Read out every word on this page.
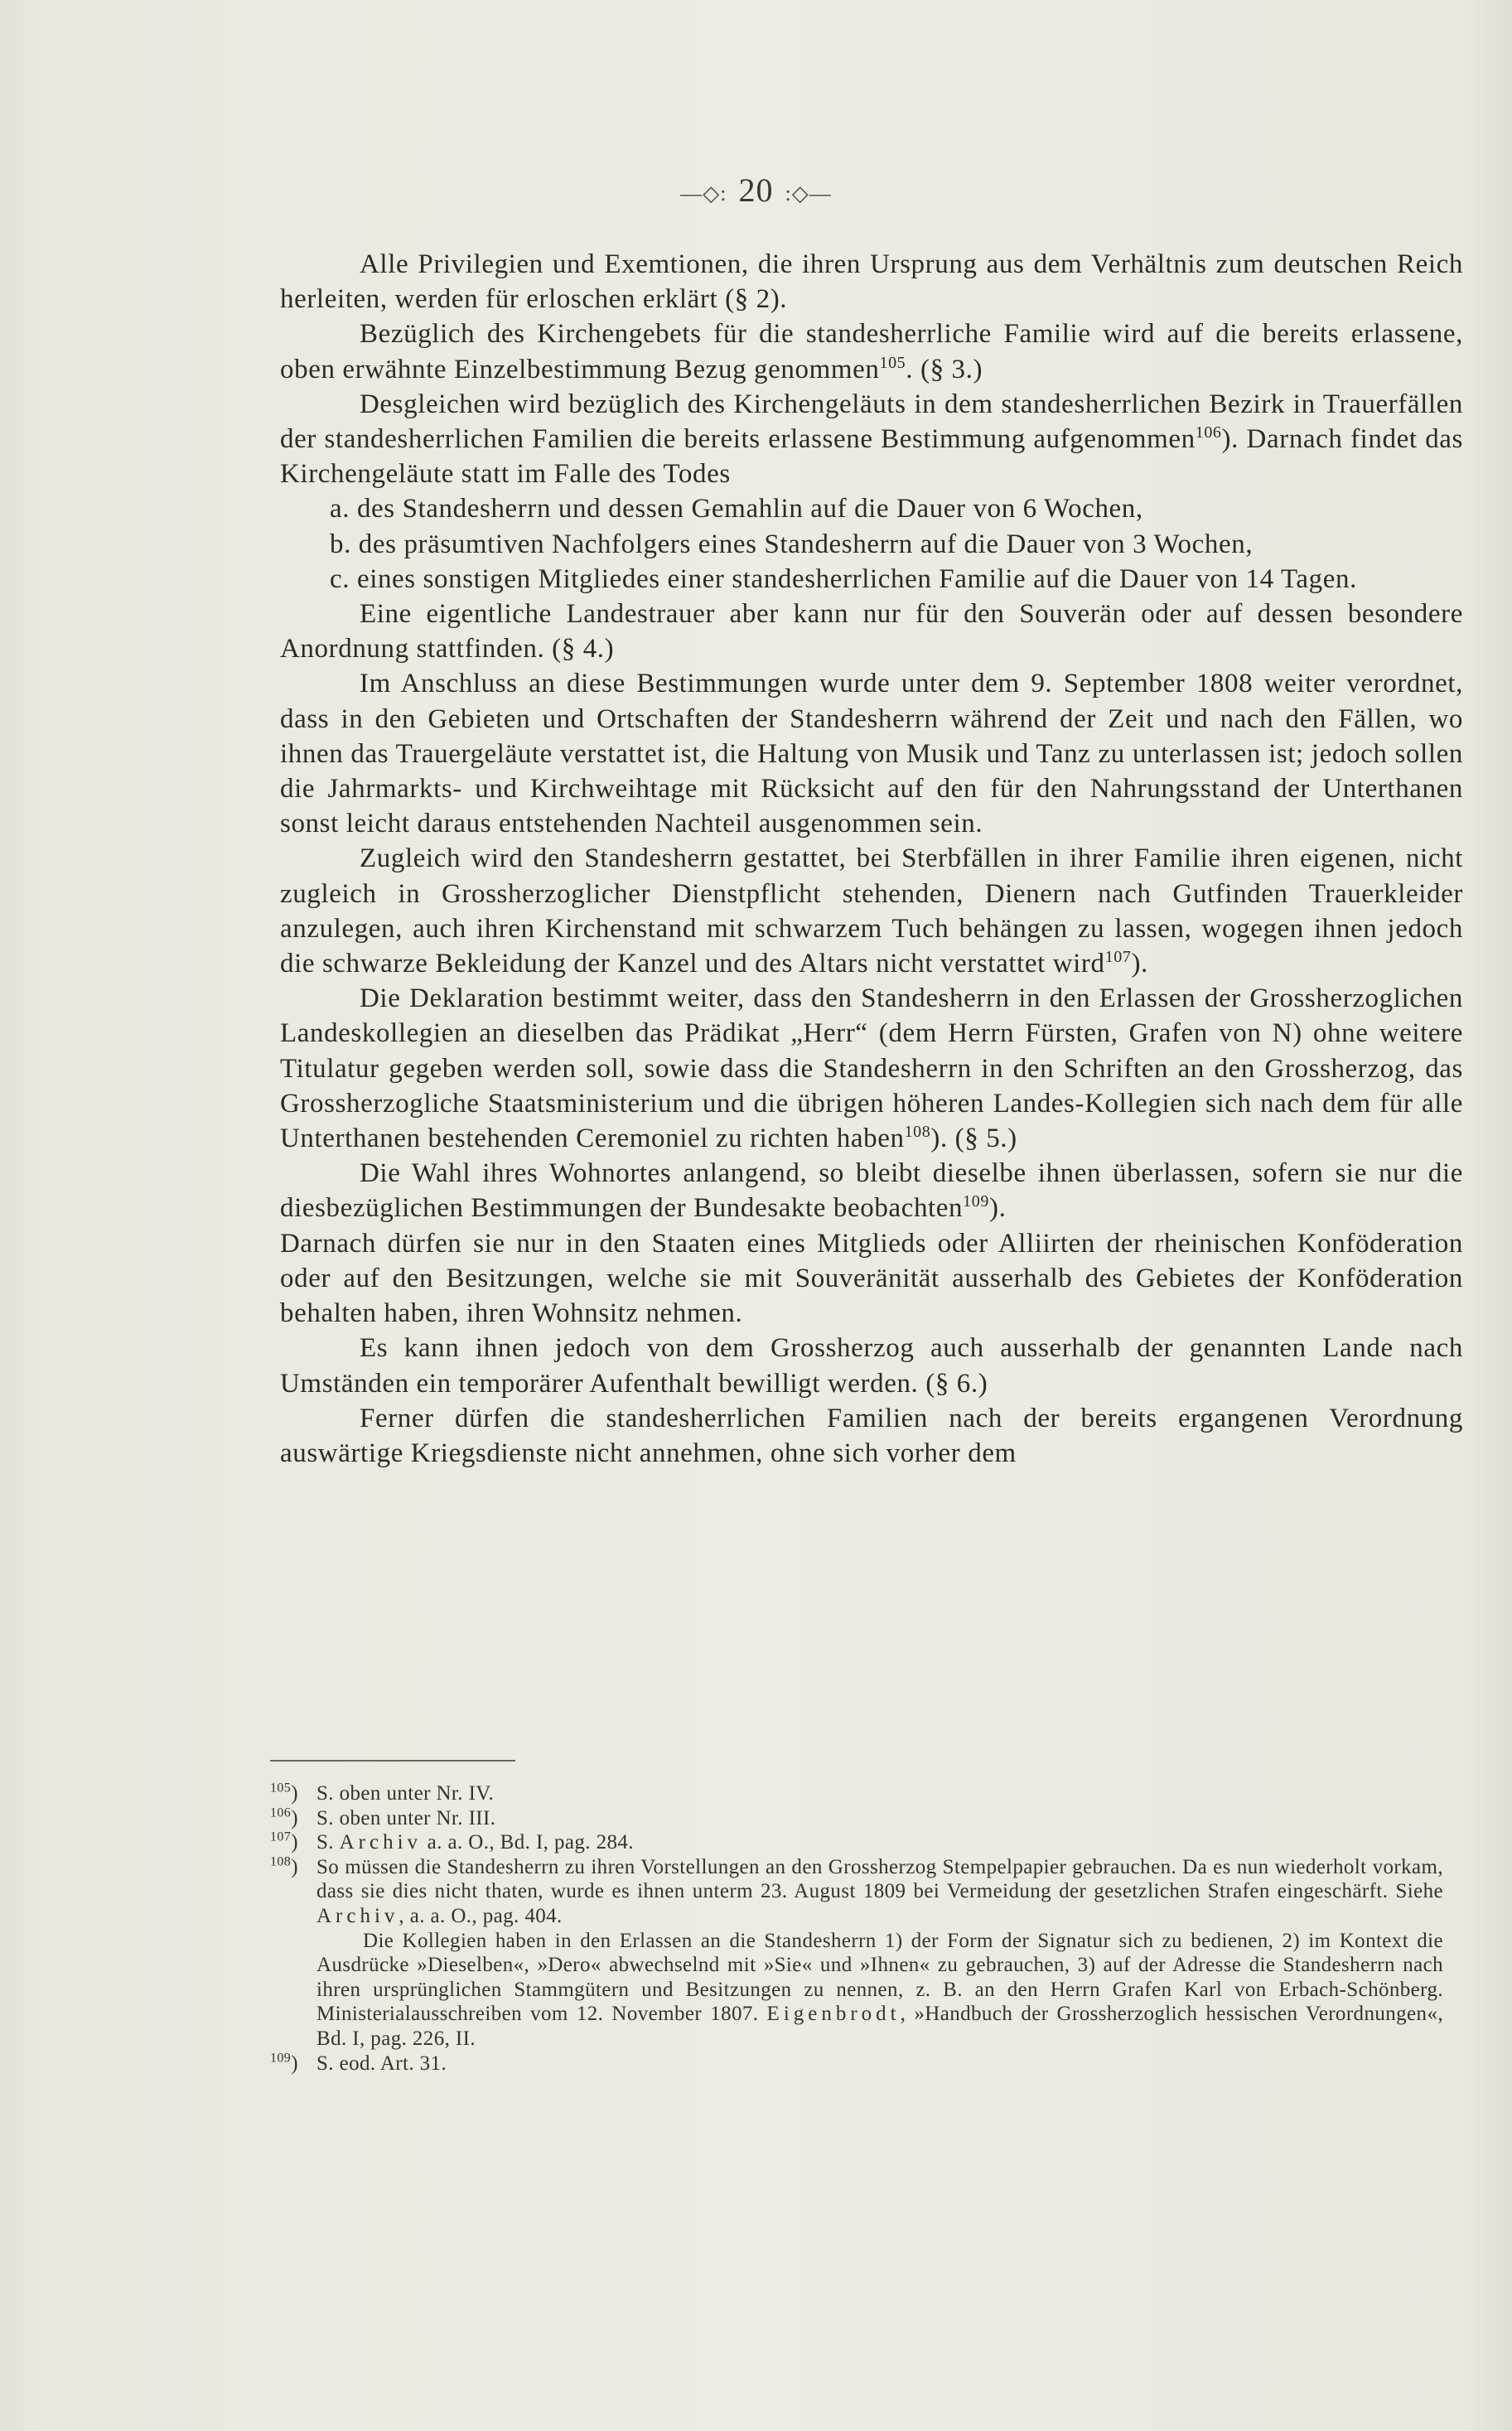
—◇: 20 :◇—

Alle Privilegien und Exemtionen, die ihren Ursprung aus dem Verhältnis zum deutschen Reich herleiten, werden für erloschen erklärt (§ 2).

Bezüglich des Kirchengebets für die standesherrliche Familie wird auf die bereits erlassene, oben erwähnte Einzelbestimmung Bezug genommen$^{105}$. (§ 3.)

Desgleichen wird bezüglich des Kirchengeläuts in dem standesherrlichen Bezirk in Trauerfällen der standesherrlichen Familien die bereits erlassene Bestimmung aufgenommen$^{106}$). Darnach findet das Kirchengeläute statt im Falle des Todes

a. des Standesherrn und dessen Gemahlin auf die Dauer von 6 Wochen,

b. des präsumtiven Nachfolgers eines Standesherrn auf die Dauer von 3 Wochen,

c. eines sonstigen Mitgliedes einer standesherrlichen Familie auf die Dauer von 14 Tagen.

Eine eigentliche Landestrauer aber kann nur für den Souverän oder auf dessen besondere Anordnung stattfinden. (§ 4.)

Im Anschluss an diese Bestimmungen wurde unter dem 9. September 1808 weiter verordnet, dass in den Gebieten und Ortschaften der Standesherrn während der Zeit und nach den Fällen, wo ihnen das Trauergeläute verstattet ist, die Haltung von Musik und Tanz zu unterlassen ist; jedoch sollen die Jahrmarkts- und Kirchweihtage mit Rücksicht auf den für den Nahrungsstand der Unterthanen sonst leicht daraus entstehenden Nachteil ausgenommen sein.

Zugleich wird den Standesherrn gestattet, bei Sterbfällen in ihrer Familie ihren eigenen, nicht zugleich in Grossherzoglicher Dienstpflicht stehenden, Dienern nach Gutfinden Trauerkleider anzulegen, auch ihren Kirchenstand mit schwarzem Tuch behängen zu lassen, wogegen ihnen jedoch die schwarze Bekleidung der Kanzel und des Altars nicht verstattet wird$^{107}$).

Die Deklaration bestimmt weiter, dass den Standesherrn in den Erlassen der Grossherzoglichen Landeskollegien an dieselben das Prädikat „Herr“ (dem Herrn Fürsten, Grafen von N) ohne weitere Titulatur gegeben werden soll, sowie dass die Standesherrn in den Schriften an den Grossherzog, das Grossherzogliche Staatsministerium und die übrigen höheren Landes-Kollegien sich nach dem für alle Unterthanen bestehenden Ceremoniel zu richten haben$^{108}$). (§ 5.)

Die Wahl ihres Wohnortes anlangend, so bleibt dieselbe ihnen überlassen, sofern sie nur die diesbezüglichen Bestimmungen der Bundesakte beobachten$^{109}$).

Darnach dürfen sie nur in den Staaten eines Mitglieds oder Alliirten der rheinischen Konföderation oder auf den Besitzungen, welche sie mit Souveränität ausserhalb des Gebietes der Konföderation behalten haben, ihren Wohnsitz nehmen.

Es kann ihnen jedoch von dem Grossherzog auch ausserhalb der genannten Lande nach Umständen ein temporärer Aufenthalt bewilligt werden. (§ 6.)

Ferner dürfen die standesherrlichen Familien nach der bereits ergangenen Verordnung auswärtige Kriegsdienste nicht annehmen, ohne sich vorher dem

$^{105}$) S. oben unter Nr. IV.

$^{106}$) S. oben unter Nr. III.

$^{107}$) S. Archiv a. a. O., Bd. I, pag. 284.

$^{108}$) So müssen die Standesherrn zu ihren Vorstellungen an den Grossherzog Stempelpapier gebrauchen. Da es nun wiederholt vorkam, dass sie dies nicht thaten, wurde es ihnen unterm 23. August 1809 bei Vermeidung der gesetzlichen Strafen eingeschärft. Siehe Archiv, a. a. O., pag. 404.

Die Kollegien haben in den Erlassen an die Standesherrn 1) der Form der Signatur sich zu bedienen, 2) im Kontext die Ausdrücke »Dieselben«, »Dero« abwechselnd mit »Sie« und »Ihnen« zu gebrauchen, 3) auf der Adresse die Standesherrn nach ihren ursprünglichen Stammgütern und Besitzungen zu nennen, z. B. an den Herrn Grafen Karl von Erbach-Schönberg. Ministerialausschreiben vom 12. November 1807. Eigenbrodt, »Handbuch der Grossherzoglich hessischen Verordnungen«, Bd. I, pag. 226, II.

$^{109}$) S. eod. Art. 31.
